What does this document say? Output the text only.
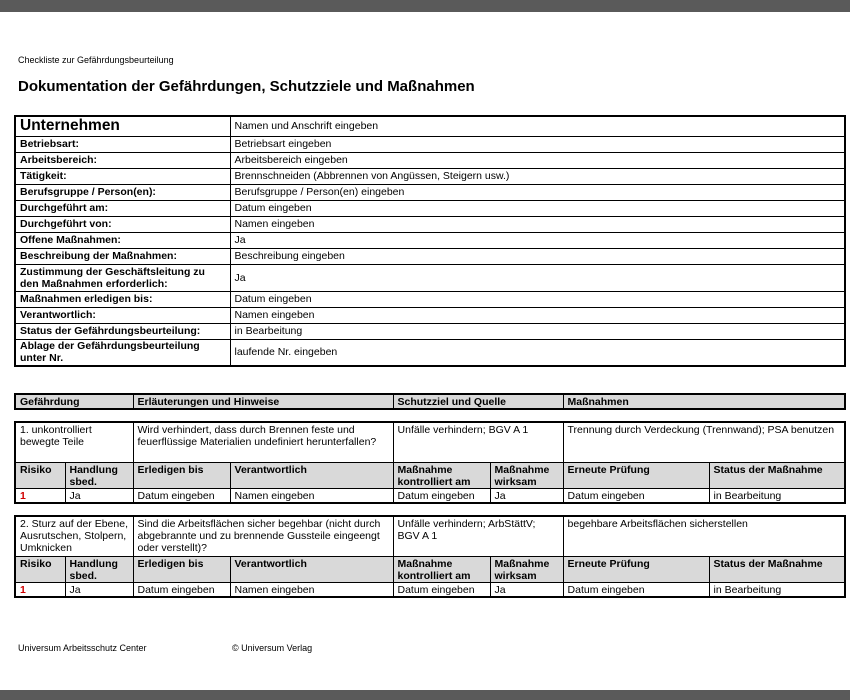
Checkliste zur Gefährdungsbeurteilung
Dokumentation der Gefährdungen, Schutzziele und Maßnahmen
Unternehmen	Namen und Anschrift eingeben
Betriebsart:	Betriebsart eingeben
Arbeitsbereich:	Arbeitsbereich eingeben
Tätigkeit:	Brennschneiden (Abbrennen von Angüssen, Steigern usw.)
Berufsgruppe / Person(en):	Berufsgruppe / Person(en) eingeben
Durchgeführt am:	Datum eingeben
Durchgeführt von:	Namen eingeben
Offene Maßnahmen:	Ja
Beschreibung der Maßnahmen:	Beschreibung eingeben
Zustimmung der Geschäftsleitung zu den Maßnahmen erforderlich:	Ja
Maßnahmen erledigen bis:	Datum eingeben
Verantwortlich:	Namen eingeben
Status der Gefährdungsbeurteilung:	in Bearbeitung
Ablage der Gefährdungsbeurteilung unter Nr.	laufende Nr. eingeben
Gefährdung	Erläuterungen und Hinweise	Schutzziel und Quelle	Maßnahmen
1. unkontrolliert bewegte Teile		Wird verhindert, dass durch Brennen feste und feuerflüssige Materialien undefiniert herunterfallen?		Unfälle verhindern; BGV A 1		Trennung durch Verdeckung (Trennwand); PSA benutzen	
Risiko	Handlung sbed.	Erledigen bis	Verantwortlich	Maßnahme kontrolliert am	Maßnahme wirksam	Erneute Prüfung	Status der Maßnahme
1	Ja	Datum eingeben	Namen eingeben	Datum eingeben	Ja	Datum eingeben	in Bearbeitung
2. Sturz auf der Ebene, Ausrutschen, Stolpern, Umknicken		Sind die Arbeitsflächen sicher begehbar (nicht durch abgebrannte und zu brennende Gussteile eingeengt oder verstellt)?		Unfälle verhindern; ArbStättV; BGV A 1		begehbare Arbeitsflächen sicherstellen	
Risiko	Handlung sbed.	Erledigen bis	Verantwortlich	Maßnahme kontrolliert am	Maßnahme wirksam	Erneute Prüfung	Status der Maßnahme
1	Ja	Datum eingeben	Namen eingeben	Datum eingeben	Ja	Datum eingeben	in Bearbeitung
Universum Arbeitsschutz Center	© Universum Verlag
